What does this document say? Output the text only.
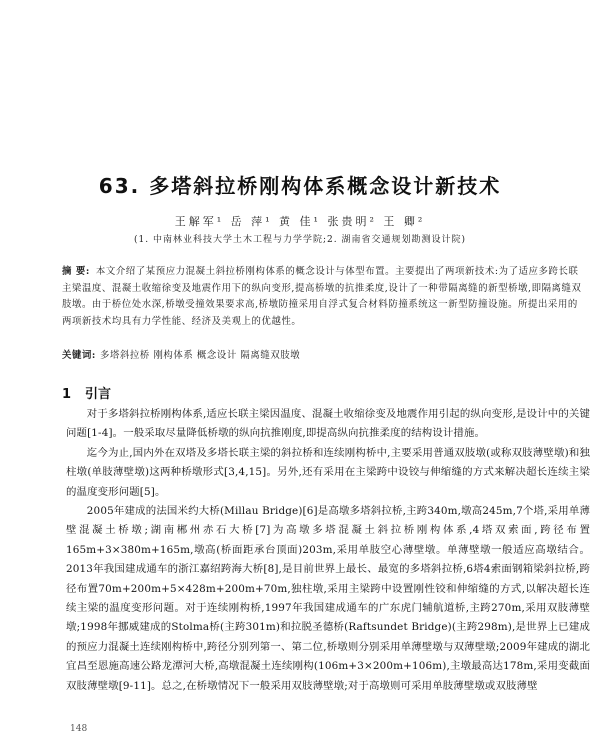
63. 多塔斜拉桥刚构体系概念设计新技术
王解军¹ 岳 萍¹ 黄 佳¹ 张贵明² 王 卿²
(1. 中南林业科技大学土木工程与力学学院;2. 湖南省交通规划勘测设计院)
摘 要: 本文介绍了某预应力混凝土斜拉桥刚构体系的概念设计与体型布置。主要提出了两项新技术:为了适应多跨长联主梁温度、混凝土收缩徐变及地震作用下的纵向变形,提高桥墩的抗推柔度,设计了一种带隔离缝的新型桥墩,即隔离缝双肢墩。由于桥位处水深,桥墩受撞效果要求高,桥墩防撞采用自浮式复合材料防撞系统这一新型防撞设施。所提出采用的两项新技术均具有力学性能、经济及美观上的优越性。
关键词: 多塔斜拉桥 刚构体系 概念设计 隔离缝双肢墩
1 引言

对于多塔斜拉桥刚构体系,适应长联主梁因温度、混凝土收缩徐变及地震作用引起的纵向变形,是设计中的关键问题[1-4]。一般采取尽量降低桥墩的纵向抗推刚度,即提高纵向抗推柔度的结构设计措施。

迄今为止,国内外在双塔及多塔长联主梁的斜拉桥和连续刚构桥中,主要采用普通双肢墩(或称双肢薄壁墩)和独柱墩(单肢薄壁墩)这两种桥墩形式[3,4,15]。另外,还有采用在主梁跨中设铰与伸缩缝的方式来解决超长连续主梁的温度变形问题[5]。

2005年建成的法国米约大桥(Millau Bridge)[6]是高墩多塔斜拉桥,主跨340m,墩高245m,7个塔,采用单薄壁混凝土桥墩;湖南郴州赤石大桥[7]为高墩多塔混凝土斜拉桥刚构体系,4塔双索面,跨径布置165m+3×380m+165m,墩高(桥面距承台顶面)203m,采用单肢空心薄壁墩。单薄壁墩一般适应高墩结合。2013年我国建成通车的浙江嘉绍跨海大桥[8],是目前世界上最长、最宽的多塔斜拉桥,6塔4索面钢箱梁斜拉桥,跨径布置70m+200m+5×428m+200m+70m,独柱墩,采用主梁跨中设置刚性铰和伸缩缝的方式,以解决超长连续主梁的温度变形问题。对于连续刚构桥,1997年我国建成通车的广东虎门辅航道桥,主跨270m,采用双肢薄壁墩;1998年挪威建成的Stolma桥(主跨301m)和拉脱圣德桥(Raftsundet Bridge)(主跨298m),是世界上已建成的预应力混凝土连续刚构桥中,跨径分别列第一、第二位,桥墩则分别采用单薄壁墩与双薄壁墩;2009年建成的湖北宜昌至恩施高速公路龙潭河大桥,高墩混凝土连续刚构(106m+3×200m+106m),主墩最高达178m,采用变截面双肢薄壁墩[9-11]。总之,在桥墩情况下一般采用双肢薄壁墩;对于高墩则可采用单肢薄壁墩或双肢薄壁

148
